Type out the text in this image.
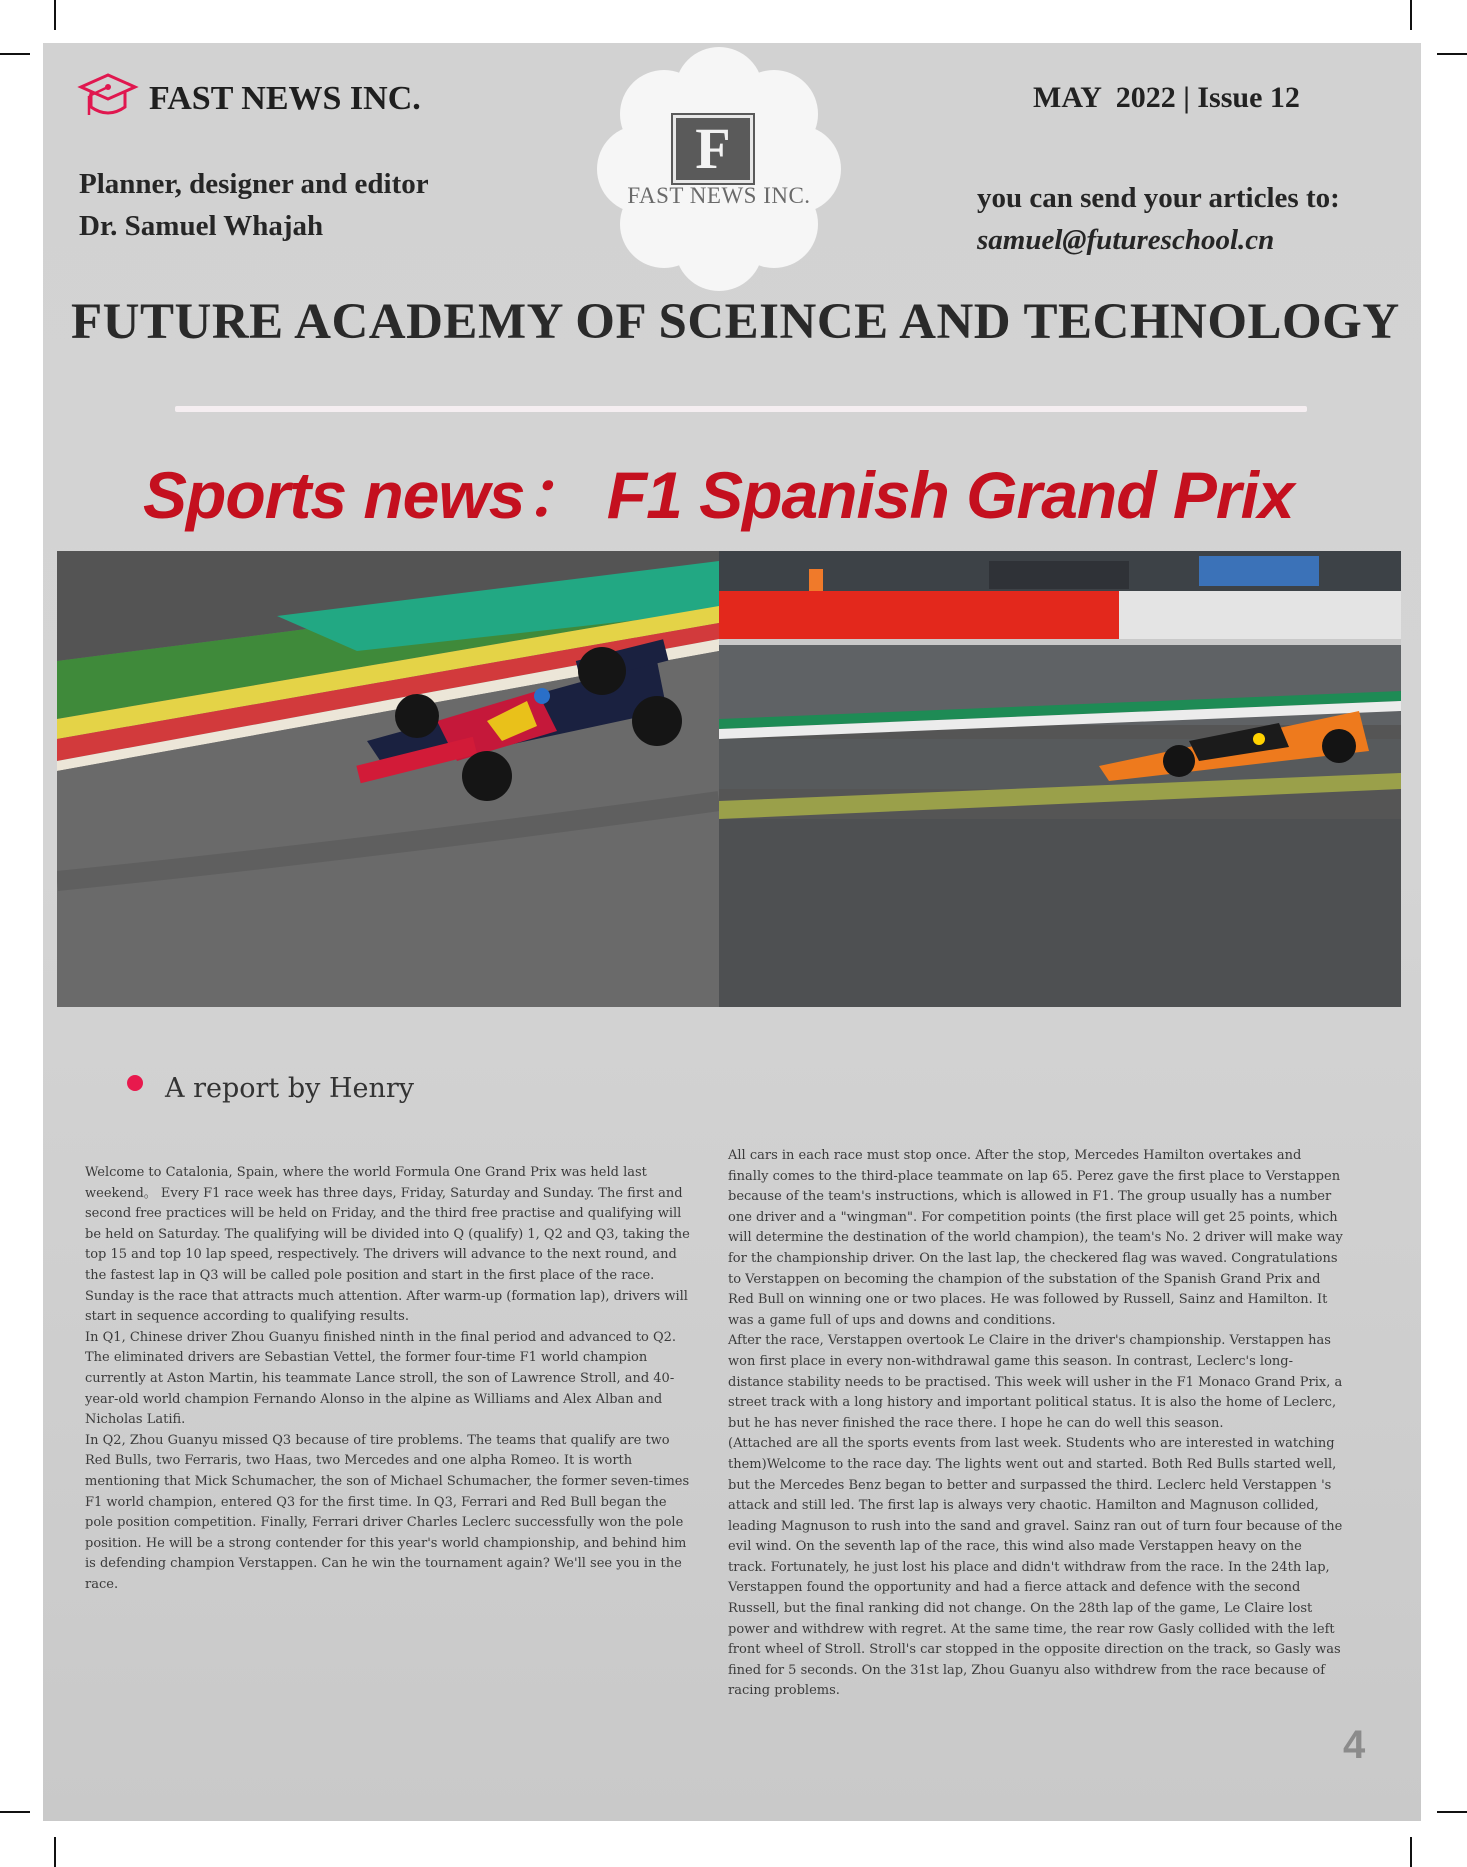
FAST NEWS INC.	MAY  2022 | Issue 12
Planner, designer and editor
Dr. Samuel Whajah
F
FAST NEWS INC.	you can send your articles to:
samuel@futureschool.cn
FUTURE ACADEMY OF SCEINCE AND TECHNOLOGY
Sports news： F1 Spanish Grand Prix
A report by Henry

Welcome to Catalonia, Spain, where the world Formula One Grand Prix was held last weekend。 Every F1 race week has three days, Friday, Saturday and Sunday. The first and second free practices will be held on Friday, and the third free practise and qualifying will be held on Saturday. The qualifying will be divided into Q (qualify) 1, Q2 and Q3, taking the top 15 and top 10 lap speed, respectively. The drivers will advance to the next round, and the fastest lap in Q3 will be called pole position and start in the first place of the race. Sunday is the race that attracts much attention. After warm-up (formation lap), drivers will start in sequence according to qualifying results.

In Q1, Chinese driver Zhou Guanyu finished ninth in the final period and advanced to Q2. The eliminated drivers are Sebastian Vettel, the former four-time F1 world champion currently at Aston Martin, his teammate Lance stroll, the son of Lawrence Stroll, and 40-year-old world champion Fernando Alonso in the alpine as Williams and Alex Alban and Nicholas Latifi.

In Q2, Zhou Guanyu missed Q3 because of tire problems. The teams that qualify are two Red Bulls, two Ferraris, two Haas, two Mercedes and one alpha Romeo. It is worth mentioning that Mick Schumacher, the son of Michael Schumacher, the former seven-times F1 world champion, entered Q3 for the first time. In Q3, Ferrari and Red Bull began the pole position competition. Finally, Ferrari driver Charles Leclerc successfully won the pole position. He will be a strong contender for this year's world championship, and behind him is defending champion Verstappen. Can he win the tournament again? We'll see you in the race.

All cars in each race must stop once. After the stop, Mercedes Hamilton overtakes and finally comes to the third-place teammate on lap 65. Perez gave the first place to Verstappen because of the team's instructions, which is allowed in F1. The group usually has a number one driver and a "wingman". For competition points (the first place will get 25 points, which will determine the destination of the world champion), the team's No. 2 driver will make way for the championship driver. On the last lap, the checkered flag was waved. Congratulations to Verstappen on becoming the champion of the substation of the Spanish Grand Prix and Red Bull on winning one or two places. He was followed by Russell, Sainz and Hamilton. It was a game full of ups and downs and conditions.

After the race, Verstappen overtook Le Claire in the driver's championship. Verstappen has won first place in every non-withdrawal game this season. In contrast, Leclerc's long-distance stability needs to be practised. This week will usher in the F1 Monaco Grand Prix, a street track with a long history and important political status. It is also the home of Leclerc, but he has never finished the race there. I hope he can do well this season.

(Attached are all the sports events from last week. Students who are interested in watching them)Welcome to the race day. The lights went out and started. Both Red Bulls started well, but the Mercedes Benz began to better and surpassed the third. Leclerc held Verstappen 's attack and still led. The first lap is always very chaotic. Hamilton and Magnuson collided, leading Magnuson to rush into the sand and gravel. Sainz ran out of turn four because of the evil wind. On the seventh lap of the race, this wind also made Verstappen heavy on the track. Fortunately, he just lost his place and didn't withdraw from the race. In the 24th lap, Verstappen found the opportunity and had a fierce attack and defence with the second Russell, but the final ranking did not change. On the 28th lap of the game, Le Claire lost power and withdrew with regret. At the same time, the rear row Gasly collided with the left front wheel of Stroll. Stroll's car stopped in the opposite direction on the track, so Gasly was fined for 5 seconds. On the 31st lap, Zhou Guanyu also withdrew from the race because of racing problems.

4
